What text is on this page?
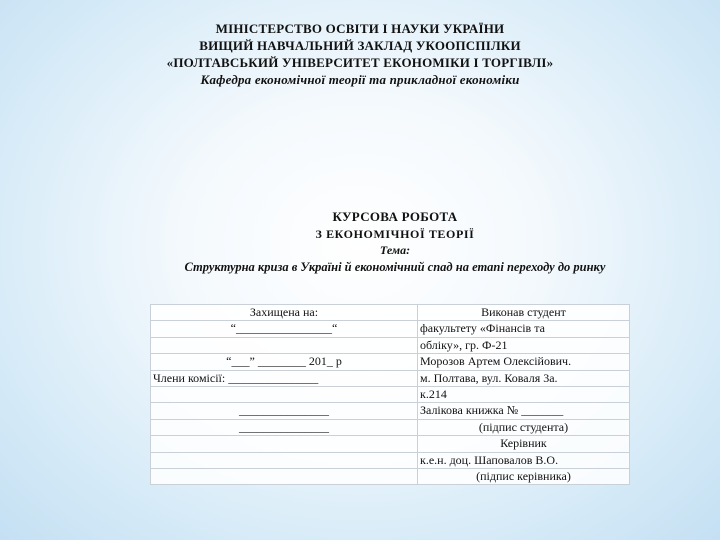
МІНІСТЕРСТВО ОСВІТИ І НАУКИ УКРАЇНИ
ВИЩИЙ НАВЧАЛЬНИЙ ЗАКЛАД УКООПСПІЛКИ
«ПОЛТАВСЬКИЙ УНІВЕРСИТЕТ ЕКОНОМІКИ І ТОРГІВЛІ»
Кафедра економічної теорії та прикладної економіки
КУРСОВА РОБОТА
З ЕКОНОМІЧНОЇ ТЕОРІЇ
Тема:
Структурна криза в Україні й економічний спад на етапі переходу до ринку
Захищена на:	Виконав студент
“________________“	факультету «Фінансів та
	обліку», гр. Ф-21
“___” ________ 201_ р	Морозов Артем Олексійович.
Члени комісії: _______________	м. Полтава, вул. Коваля 3а.
	к.214
_______________	Залікова книжка № _______
_______________	(підпис студента)
	Керівник
	к.е.н. доц. Шаповалов В.О.
	(підпис керівника)
